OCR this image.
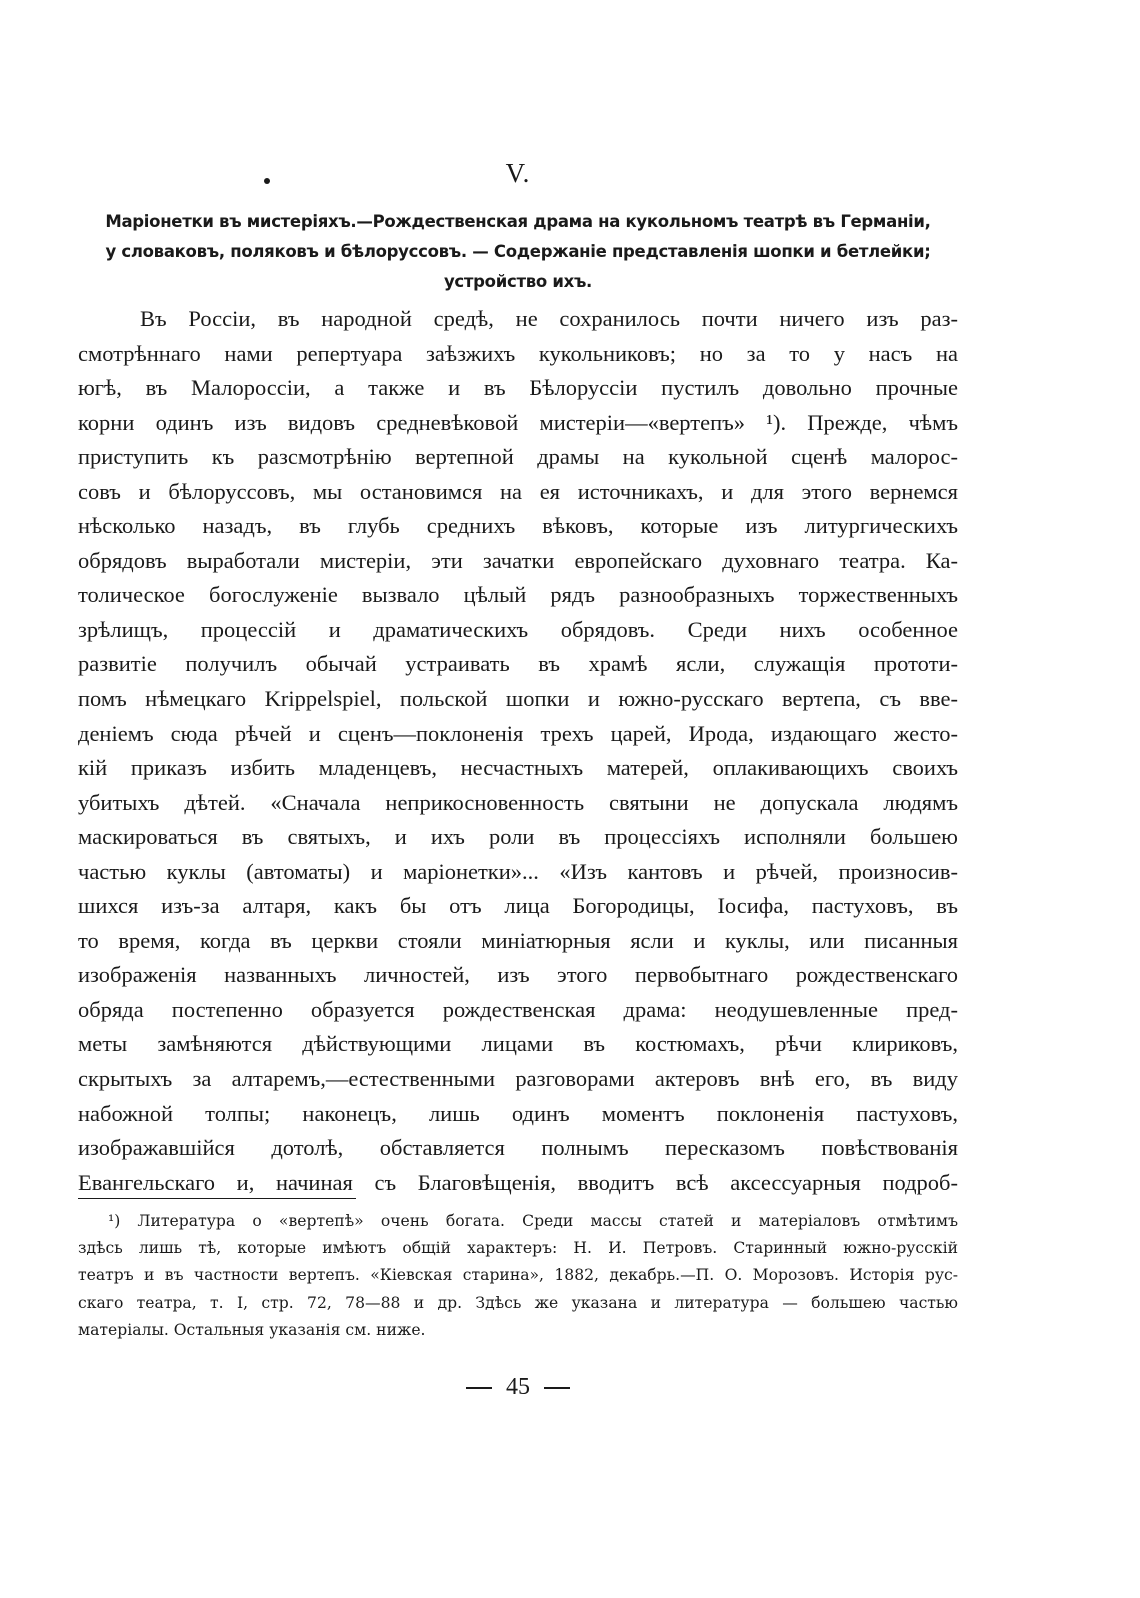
V.
Маріонетки въ мистеріяхъ.—Рождественская драма на кукольномъ театрѣ въ Германіи,
у словаковъ, поляковъ и бѣлоруссовъ. — Содержаніе представленія шопки и бетлейки;
устройство ихъ.
Въ Россіи, въ народной средѣ, не сохранилось почти ничего изъ раз-
смотрѣннаго нами репертуара заѣзжихъ кукольниковъ; но за то у насъ на
югѣ, въ Малороссіи, а также и въ Бѣлоруссіи пустилъ довольно прочные
корни одинъ изъ видовъ средневѣковой мистеріи—«вертепъ» ¹). Прежде, чѣмъ
приступить къ разсмотрѣнію вертепной драмы на кукольной сценѣ малорос-
совъ и бѣлоруссовъ, мы остановимся на ея источникахъ, и для этого вернемся
нѣсколько назадъ, въ глубь среднихъ вѣковъ, которые изъ литургическихъ
обрядовъ выработали мистеріи, эти зачатки европейскаго духовнаго театра. Ка-
толическое богослуженіе вызвало цѣлый рядъ разнообразныхъ торжественныхъ
зрѣлищъ, процессій и драматическихъ обрядовъ. Среди нихъ особенное
развитіе получилъ обычай устраивать въ храмѣ ясли, служащія прототи-
помъ нѣмецкаго Krippelspiel, польской шопки и южно-русскаго вертепа, съ вве-
деніемъ сюда рѣчей и сценъ—поклоненія трехъ царей, Ирода, издающаго жесто-
кій приказъ избить младенцевъ, несчастныхъ матерей, оплакивающихъ своихъ
убитыхъ дѣтей. «Сначала неприкосновенность святыни не допускала людямъ
маскироваться въ святыхъ, и ихъ роли въ процессіяхъ исполняли большею
частью куклы (автоматы) и маріонетки»... «Изъ кантовъ и рѣчей, произносив-
шихся изъ-за алтаря, какъ бы отъ лица Богородицы, Іосифа, пастуховъ, въ
то время, когда въ церкви стояли миніатюрныя ясли и куклы, или писанныя
изображенія названныхъ личностей, изъ этого первобытнаго рождественскаго
обряда постепенно образуется рождественская драма: неодушевленные пред-
меты замѣняются дѣйствующими лицами въ костюмахъ, рѣчи клириковъ,
скрытыхъ за алтаремъ,—естественными разговорами актеровъ внѣ его, въ виду
набожной толпы; наконецъ, лишь одинъ моментъ поклоненія пастуховъ,
изображавшійся дотолѣ, обставляется полнымъ пересказомъ повѣствованія
Евангельскаго и, начиная съ Благовѣщенія, вводитъ всѣ аксессуарныя подроб-
¹) Литература о «вертепѣ» очень богата. Среди массы статей и матеріаловъ отмѣтимъ
здѣсь лишь тѣ, которые имѣютъ общій характеръ: Н. И. Петровъ. Старинный южно-русскій
театръ и въ частности вертепъ. «Кіевская старина», 1882, декабрь.—П. О. Морозовъ. Исторія рус-
скаго театра, т. I, стр. 72, 78—88 и др. Здѣсь же указана и литература — большею частью
матеріалы. Остальныя указанія см. ниже.
45
